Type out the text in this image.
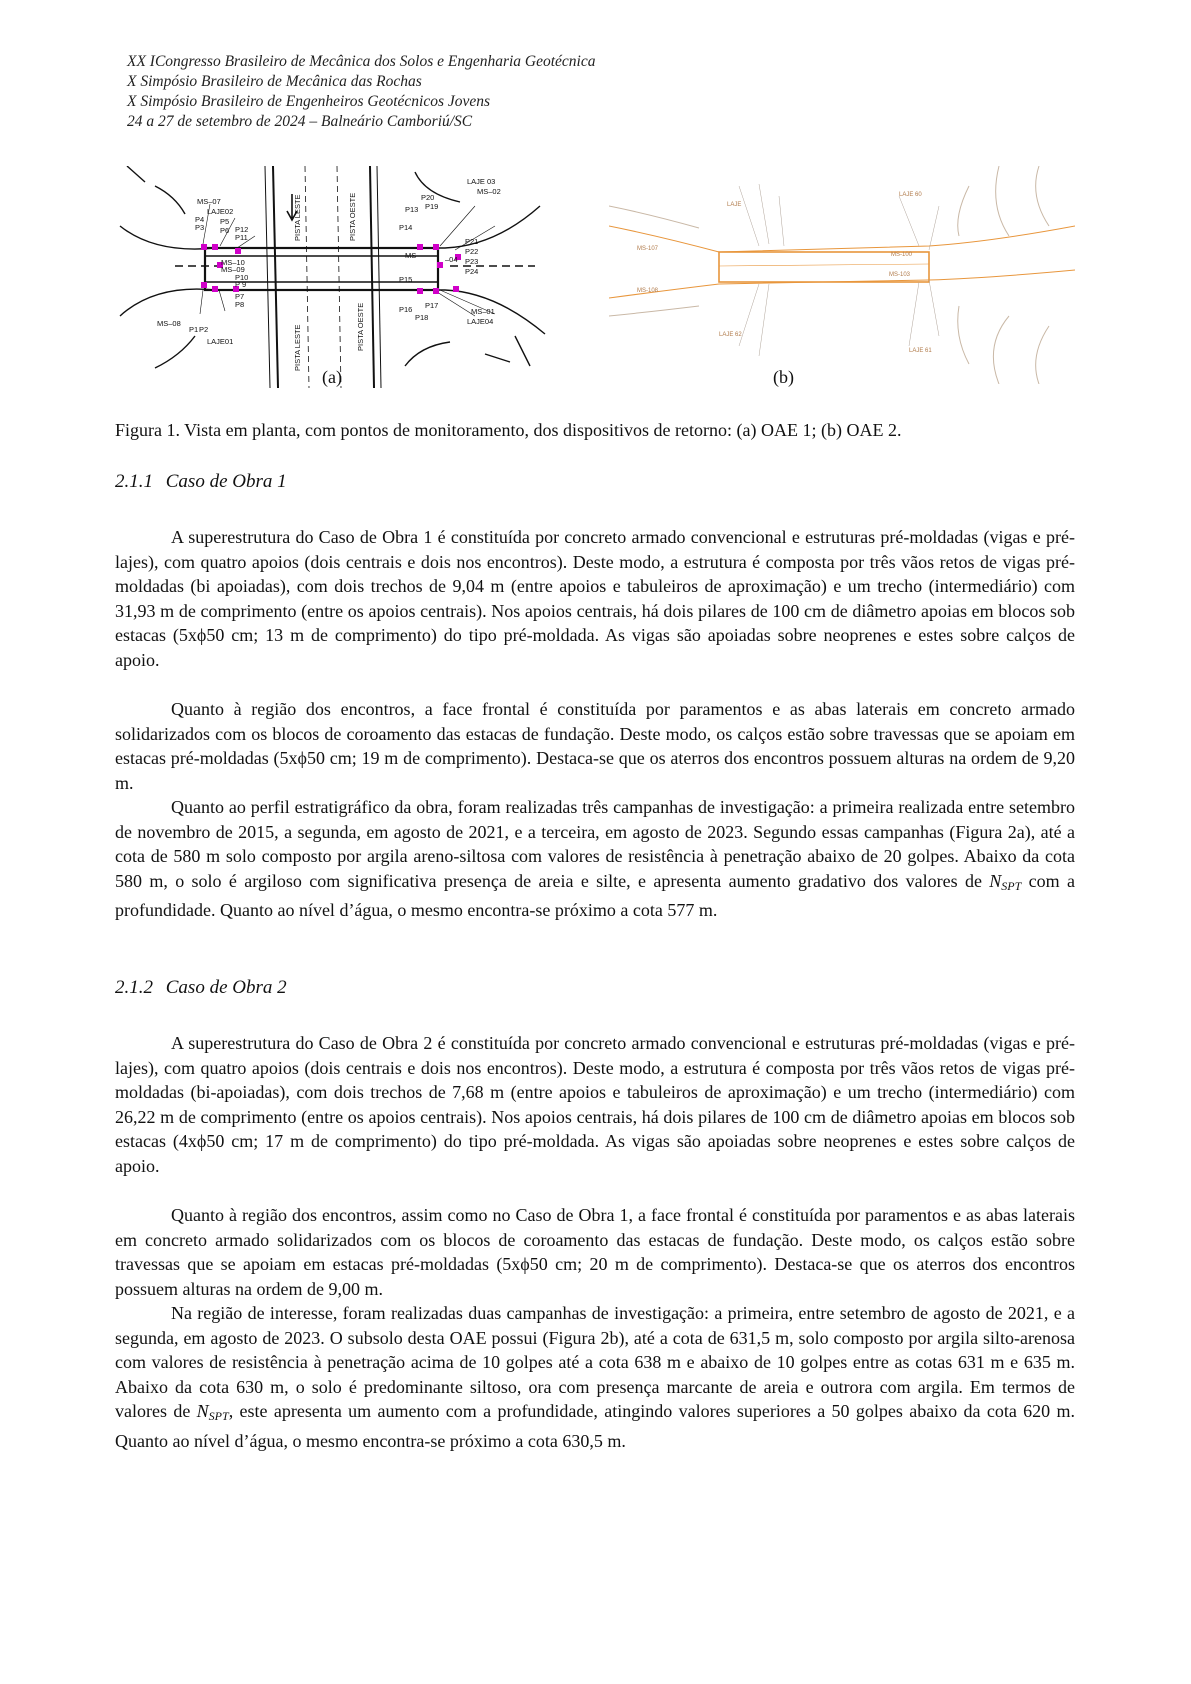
XX ICongresso Brasileiro de Mecânica dos Solos e Engenharia Geotécnica
X Simpósio Brasileiro de Mecânica das Rochas
X Simpósio Brasileiro de Engenheiros Geotécnicos Jovens
24 a 27 de setembro de 2024 – Balneário Camboriú/SC
MS–07
LAJE02
P4
P3
P5
P6 P12
P11
MS–10
MS–09
P10
P 9
P7
P8
MS–08
P1 P2
LAJE01
LAJE 03
MS–02
P20
P13 P19
P14
P21
P22
MS–	–04 P23
P24
P15
P16 P17
P18
MS–01
LAJE04
PISTA LESTE	PISTA OESTE
PISTA LESTE	PISTA OESTE
MS-107
MS-108
LAJE 60
LAJE 61
LAJE 62
LAJE
MS-100
MS-103
(a)	(b)
Figura 1. Vista em planta, com pontos de monitoramento, dos dispositivos de retorno: (a) OAE 1; (b) OAE 2.
2.1.1 Caso de Obra 1

A superestrutura do Caso de Obra 1 é constituída por concreto armado convencional e estruturas pré-moldadas (vigas e pré-lajes), com quatro apoios (dois centrais e dois nos encontros). Deste modo, a estrutura é composta por três vãos retos de vigas pré-moldadas (bi apoiadas), com dois trechos de 9,04 m (entre apoios e tabuleiros de aproximação) e um trecho (intermediário) com 31,93 m de comprimento (entre os apoios centrais). Nos apoios centrais, há dois pilares de 100 cm de diâmetro apoias em blocos sob estacas (5xϕ50 cm; 13 m de comprimento) do tipo pré-moldada. As vigas são apoiadas sobre neoprenes e estes sobre calços de apoio.

Quanto à região dos encontros, a face frontal é constituída por paramentos e as abas laterais em concreto armado solidarizados com os blocos de coroamento das estacas de fundação. Deste modo, os calços estão sobre travessas que se apoiam em estacas pré-moldadas (5xϕ50 cm; 19 m de comprimento). Destaca-se que os aterros dos encontros possuem alturas na ordem de 9,20 m.

Quanto ao perfil estratigráfico da obra, foram realizadas três campanhas de investigação: a primeira realizada entre setembro de novembro de 2015, a segunda, em agosto de 2021, e a terceira, em agosto de 2023. Segundo essas campanhas (Figura 2a), até a cota de 580 m solo composto por argila areno-siltosa com valores de resistência à penetração abaixo de 20 golpes. Abaixo da cota 580 m, o solo é argiloso com significativa presença de areia e silte, e apresenta aumento gradativo dos valores de $N_{SPT}$ com a profundidade. Quanto ao nível d’água, o mesmo encontra-se próximo a cota 577 m.

2.1.2 Caso de Obra 2

A superestrutura do Caso de Obra 2 é constituída por concreto armado convencional e estruturas pré-moldadas (vigas e pré-lajes), com quatro apoios (dois centrais e dois nos encontros). Deste modo, a estrutura é composta por três vãos retos de vigas pré-moldadas (bi-apoiadas), com dois trechos de 7,68 m (entre apoios e tabuleiros de aproximação) e um trecho (intermediário) com 26,22 m de comprimento (entre os apoios centrais). Nos apoios centrais, há dois pilares de 100 cm de diâmetro apoias em blocos sob estacas (4xϕ50 cm; 17 m de comprimento) do tipo pré-moldada. As vigas são apoiadas sobre neoprenes e estes sobre calços de apoio.

Quanto à região dos encontros, assim como no Caso de Obra 1, a face frontal é constituída por paramentos e as abas laterais em concreto armado solidarizados com os blocos de coroamento das estacas de fundação. Deste modo, os calços estão sobre travessas que se apoiam em estacas pré-moldadas (5xϕ50 cm; 20 m de comprimento). Destaca-se que os aterros dos encontros possuem alturas na ordem de 9,00 m.

Na região de interesse, foram realizadas duas campanhas de investigação: a primeira, entre setembro de agosto de 2021, e a segunda, em agosto de 2023. O subsolo desta OAE possui (Figura 2b), até a cota de 631,5 m, solo composto por argila silto-arenosa com valores de resistência à penetração acima de 10 golpes até a cota 638 m e abaixo de 10 golpes entre as cotas 631 m e 635 m. Abaixo da cota 630 m, o solo é predominante siltoso, ora com presença marcante de areia e outrora com argila. Em termos de valores de $N_{SPT}$, este apresenta um aumento com a profundidade, atingindo valores superiores a 50 golpes abaixo da cota 620 m. Quanto ao nível d’água, o mesmo encontra-se próximo a cota 630,5 m.
